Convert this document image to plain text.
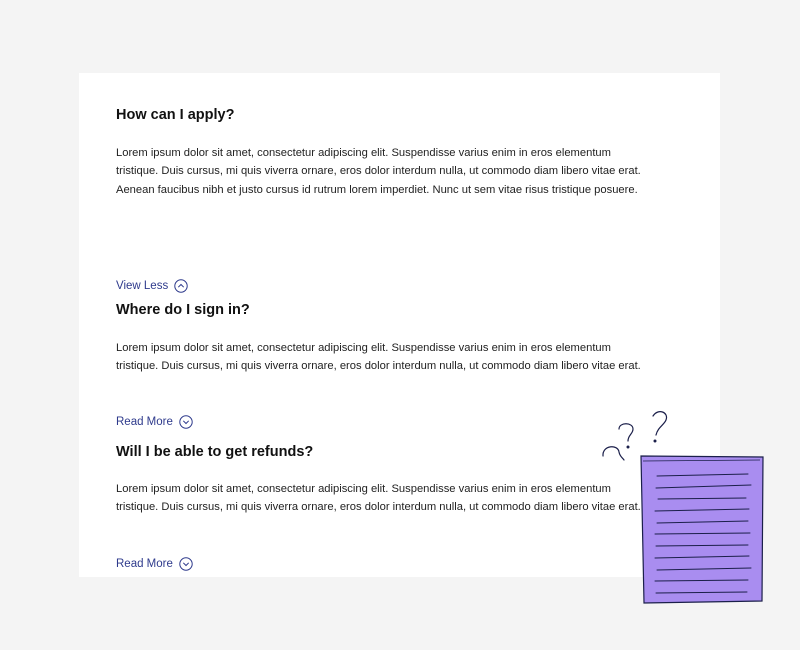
How can I apply?

Lorem ipsum dolor sit amet, consectetur adipiscing elit. Suspendisse varius enim in eros elementum tristique. Duis cursus, mi quis viverra ornare, eros dolor interdum nulla, ut commodo diam libero vitae erat. Aenean faucibus nibh et justo cursus id rutrum lorem imperdiet. Nunc ut sem vitae risus tristique posuere.

View Less
Where do I sign in?

Lorem ipsum dolor sit amet, consectetur adipiscing elit. Suspendisse varius enim in eros elementum tristique. Duis cursus, mi quis viverra ornare, eros dolor interdum nulla, ut commodo diam libero vitae erat.

Read More
Will I be able to get refunds?

Lorem ipsum dolor sit amet, consectetur adipiscing elit. Suspendisse varius enim in eros elementum tristique. Duis cursus, mi quis viverra ornare, eros dolor interdum nulla, ut commodo diam libero vitae erat.

Read More
